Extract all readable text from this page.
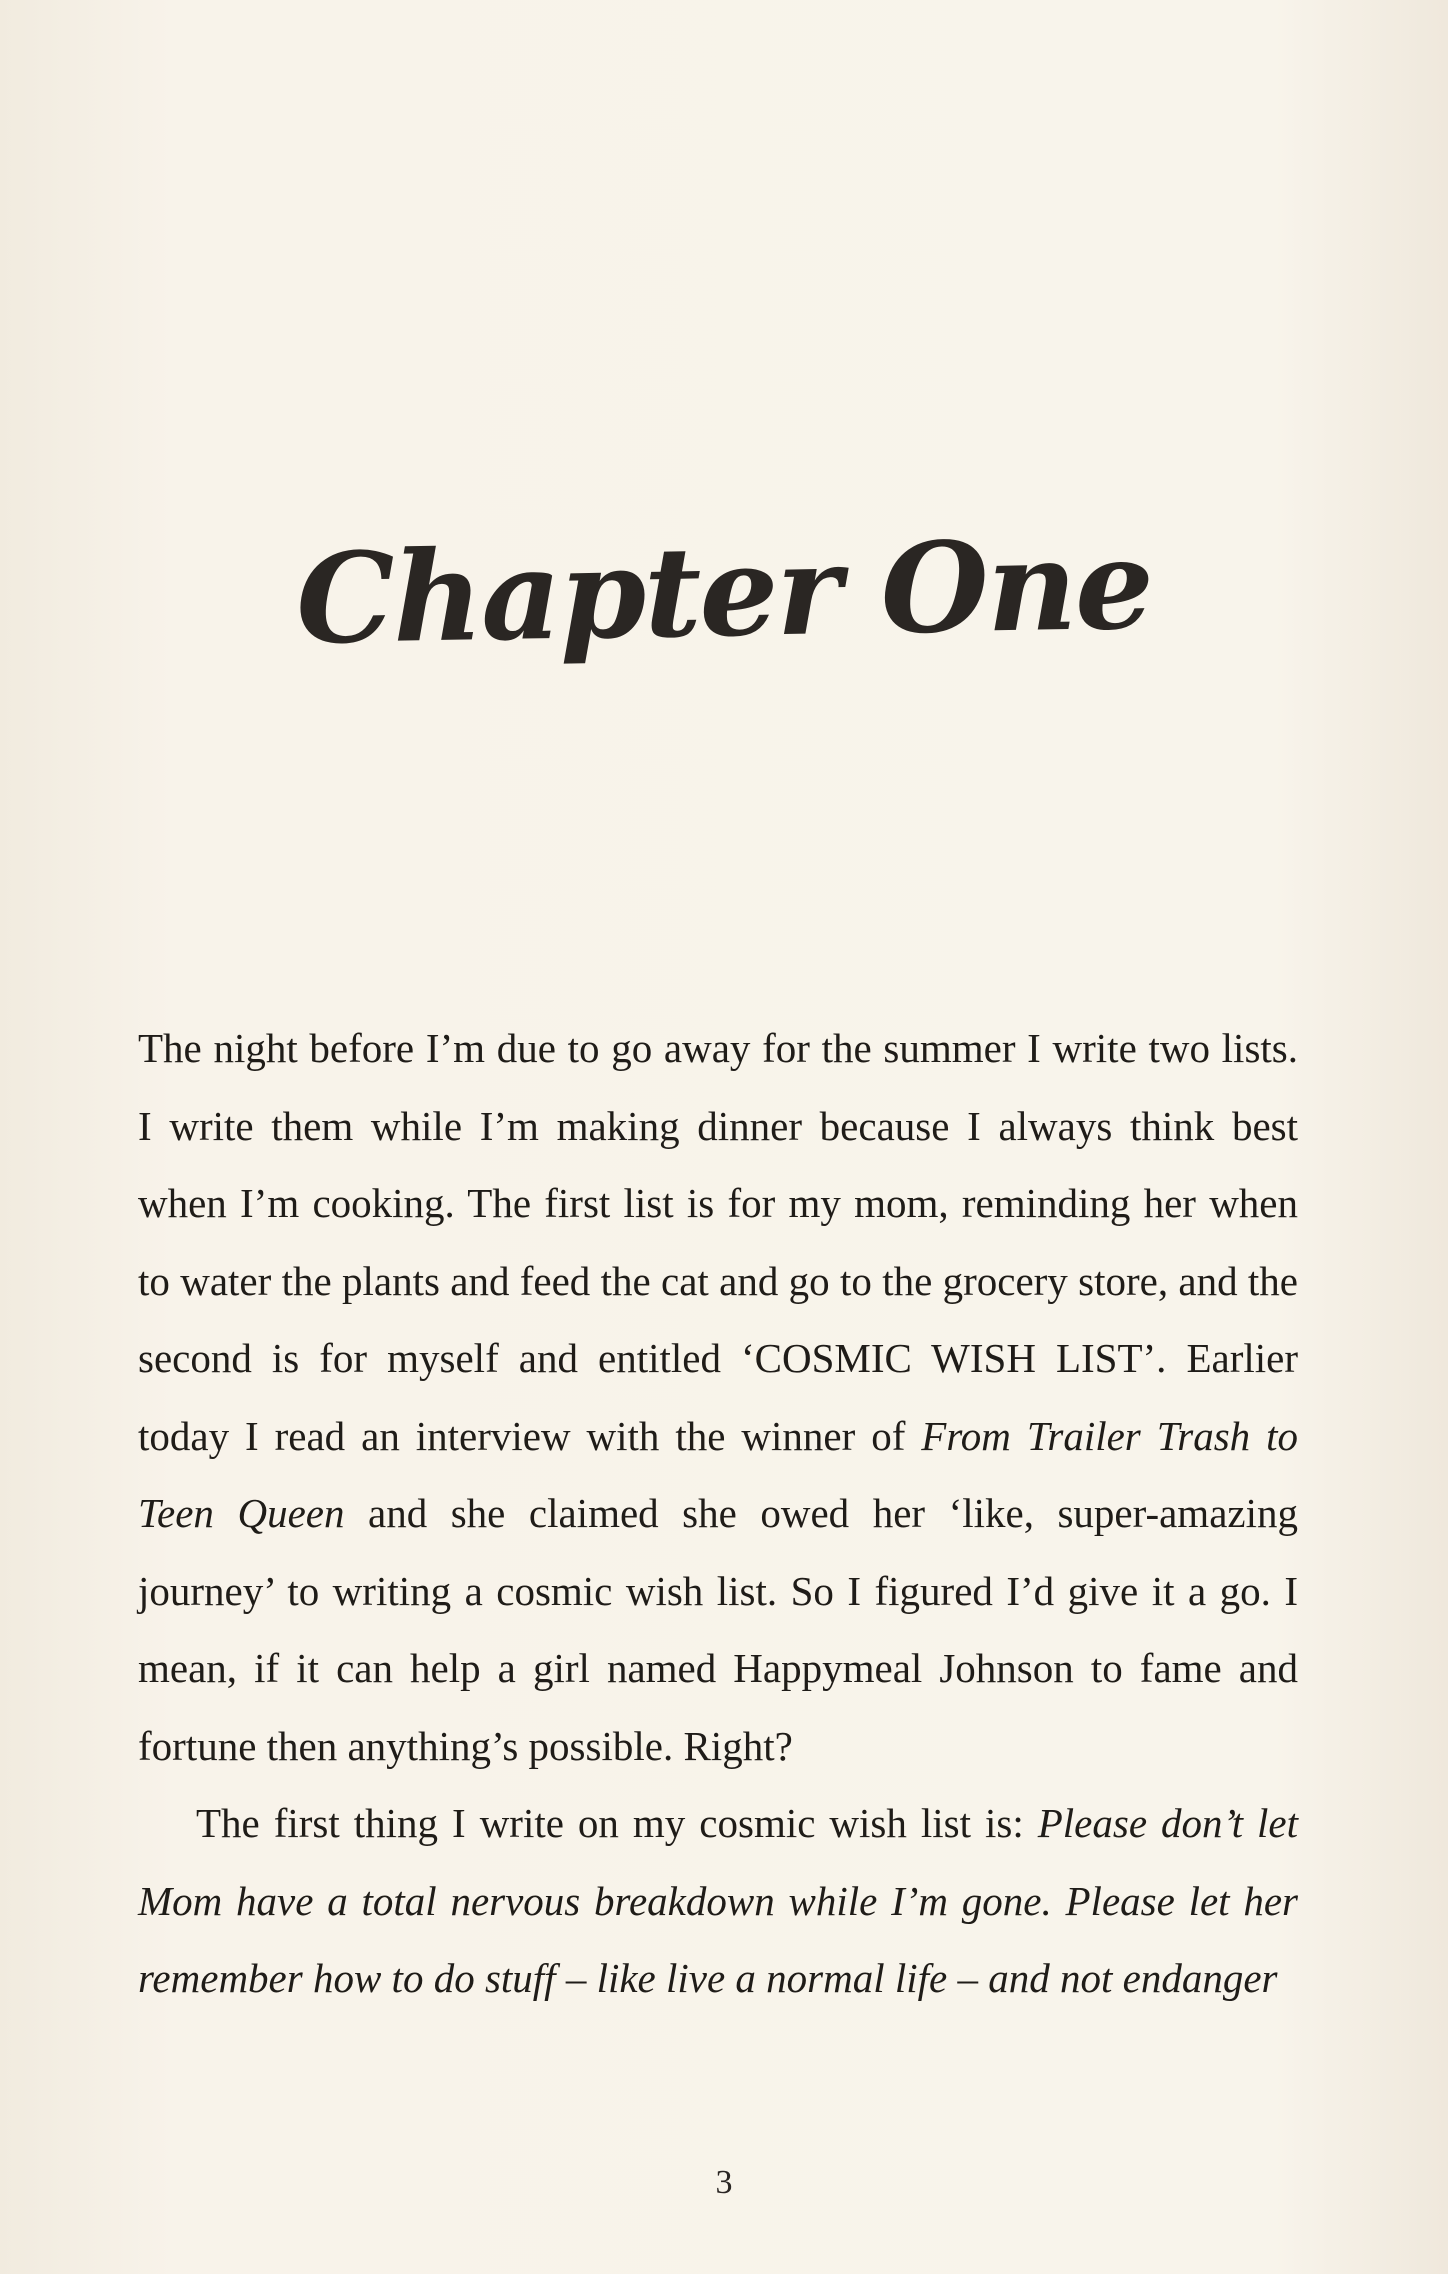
Chapter One

The night before I’m due to go away for the summer I write two lists. I write them while I’m making dinner because I always think best when I’m cooking. The first list is for my mom, reminding her when to water the plants and feed the cat and go to the grocery store, and the second is for myself and entitled ‘COSMIC WISH LIST’. Earlier today I read an interview with the winner of From Trailer Trash to Teen Queen and she claimed she owed her ‘like, super-amazing journey’ to writing a cosmic wish list. So I figured I’d give it a go. I mean, if it can help a girl named Happymeal Johnson to fame and fortune then anything’s possible. Right?

The first thing I write on my cosmic wish list is: Please don’t let Mom have a total nervous breakdown while I’m gone. Please let her remember how to do stuff – like live a normal life – and not endanger

3
